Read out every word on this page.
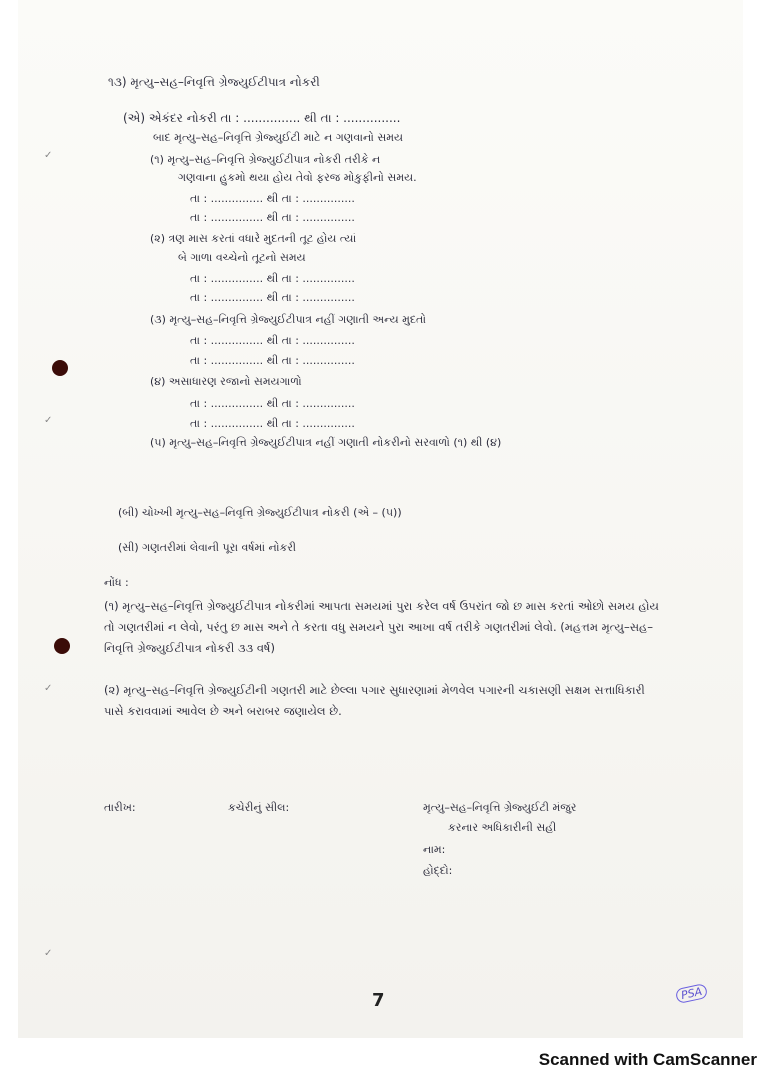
✓
✓
✓
✓
૧૩) મૃત્યુ–સહ–નિવૃત્તિ ગ્રેજ્યુઈટીપાત્ર નોકરી
(એ) એકંદર નોકરી તા : ............... થી તા : ...............
બાદ મૃત્યુ–સહ–નિવૃત્તિ ગ્રેજ્યુઈટી માટે ન ગણવાનો સમય
(૧) મૃત્યુ–સહ–નિવૃત્તિ ગ્રેજ્યુઈટીપાત્ર નોકરી તરીકે ન
ગણવાના હુકમો થયા હોય તેવો ફરજ મોકુફીનો સમય.
તા : ............... થી તા : ...............
તા : ............... થી તા : ...............
(૨) ત્રણ માસ કરતાં વધારે મુદતની તૂટ હોય ત્યાં
બે ગાળા વચ્ચેનો તૂટનો સમય
તા : ............... થી તા : ...............
તા : ............... થી તા : ...............
(૩) મૃત્યુ–સહ–નિવૃત્તિ ગ્રેજ્યુઈટીપાત્ર નહીં ગણાતી અન્ય મુદતો
તા : ............... થી તા : ...............
તા : ............... થી તા : ...............
(૪) અસાધારણ રજાનો સમયગાળો
તા : ............... થી તા : ...............
તા : ............... થી તા : ...............
(૫) મૃત્યુ–સહ–નિવૃત્તિ ગ્રેજ્યુઈટીપાત્ર નહીં ગણાતી નોકરીનો સરવાળો (૧) થી (૪)
(બી) ચોખ્ખી મૃત્યુ–સહ–નિવૃત્તિ ગ્રેજ્યુઈટીપાત્ર નોકરી (એ – (૫))
(સી) ગણતરીમાં લેવાની પૂરા વર્ષમાં નોકરી
નોંધ :
(૧) મૃત્યુ–સહ–નિવૃત્તિ ગ્રેજ્યુઈટીપાત્ર નોકરીમાં આપતા સમયમાં પુરા કરેલ વર્ષ ઉપરાંત જો છ માસ કરતાં ઓછો સમય હોય તો ગણતરીમાં ન લેવો, પરંતુ છ માસ અને તે કરતા વધુ સમયને પુરા આખા વર્ષ તરીકે ગણતરીમાં લેવો. (મહત્તમ મૃત્યુ–સહ–નિવૃત્તિ ગ્રેજ્યુઈટીપાત્ર નોકરી ૩૩ વર્ષ)
(૨) મૃત્યુ–સહ–નિવૃત્તિ ગ્રેજ્યુઈટીની ગણતરી માટે છેલ્લા પગાર સુધારણામાં મેળવેલ પગારની ચકાસણી સક્ષમ સત્તાધિકારી પાસે કરાવવામાં આવેલ છે અને બરાબર જણાયેલ છે.
તારીખ:	કચેરીનું સીલ:	મૃત્યુ–સહ–નિવૃત્તિ ગ્રેજ્યુઈટી મંજુર
કરનાર અધિકારીની સહી
નામ:
હોદ્દો:
7	PSA
Scanned with CamScanner
